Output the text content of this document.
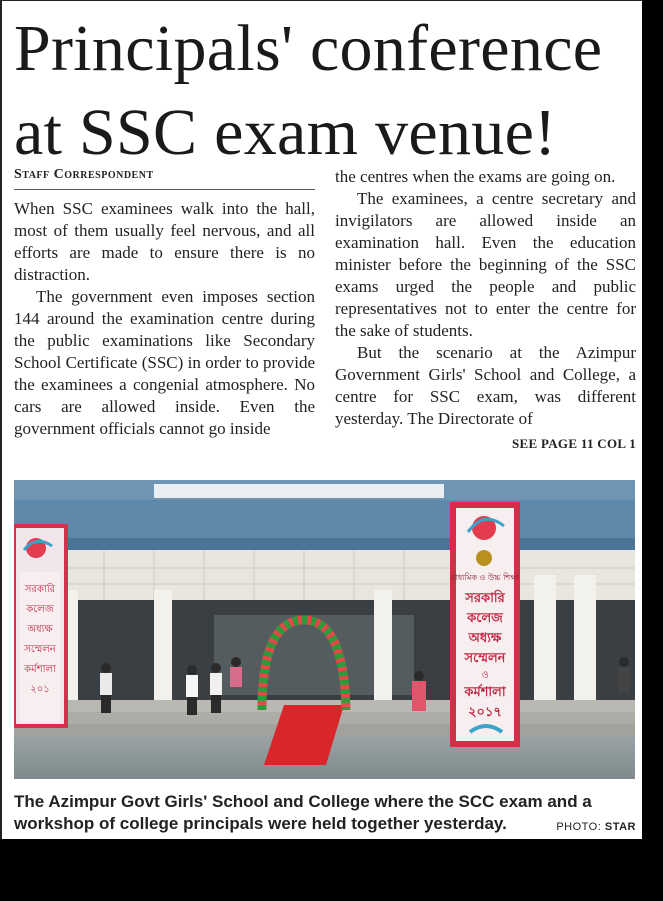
Principals' conference
at SSC exam venue!
Staff Correspondent

When SSC examinees walk into the hall, most of them usually feel nervous, and all efforts are made to ensure there is no distraction.

The government even imposes section 144 around the examination centre during the public examinations like Secondary School Certificate (SSC) in order to provide the examinees a congenial atmosphere. No cars are allowed inside. Even the government officials cannot go inside

the centres when the exams are going on.

The examinees, a centre secretary and invigilators are allowed inside an examination hall. Even the education minister before the beginning of the SSC exams urged the people and public representatives not to enter the centre for the sake of students.

But the scenario at the Azimpur Government Girls' School and College, a centre for SSC exam, was different yesterday. The Directorate of

SEE PAGE 11 COL 1
সরকারি
কলেজ
অধ্যক্ষ
সম্মেলন
কর্মশালা
২০১
মাধ্যমিক ও উচ্চ শিক্ষা
সরকারি
কলেজ
অধ্যক্ষ
সম্মেলন
ও
কর্মশালা
২০১৭
The Azimpur Govt Girls' School and College where the SCC exam and a workshop of college principals were held together yesterday.	PHOTO: STAR
